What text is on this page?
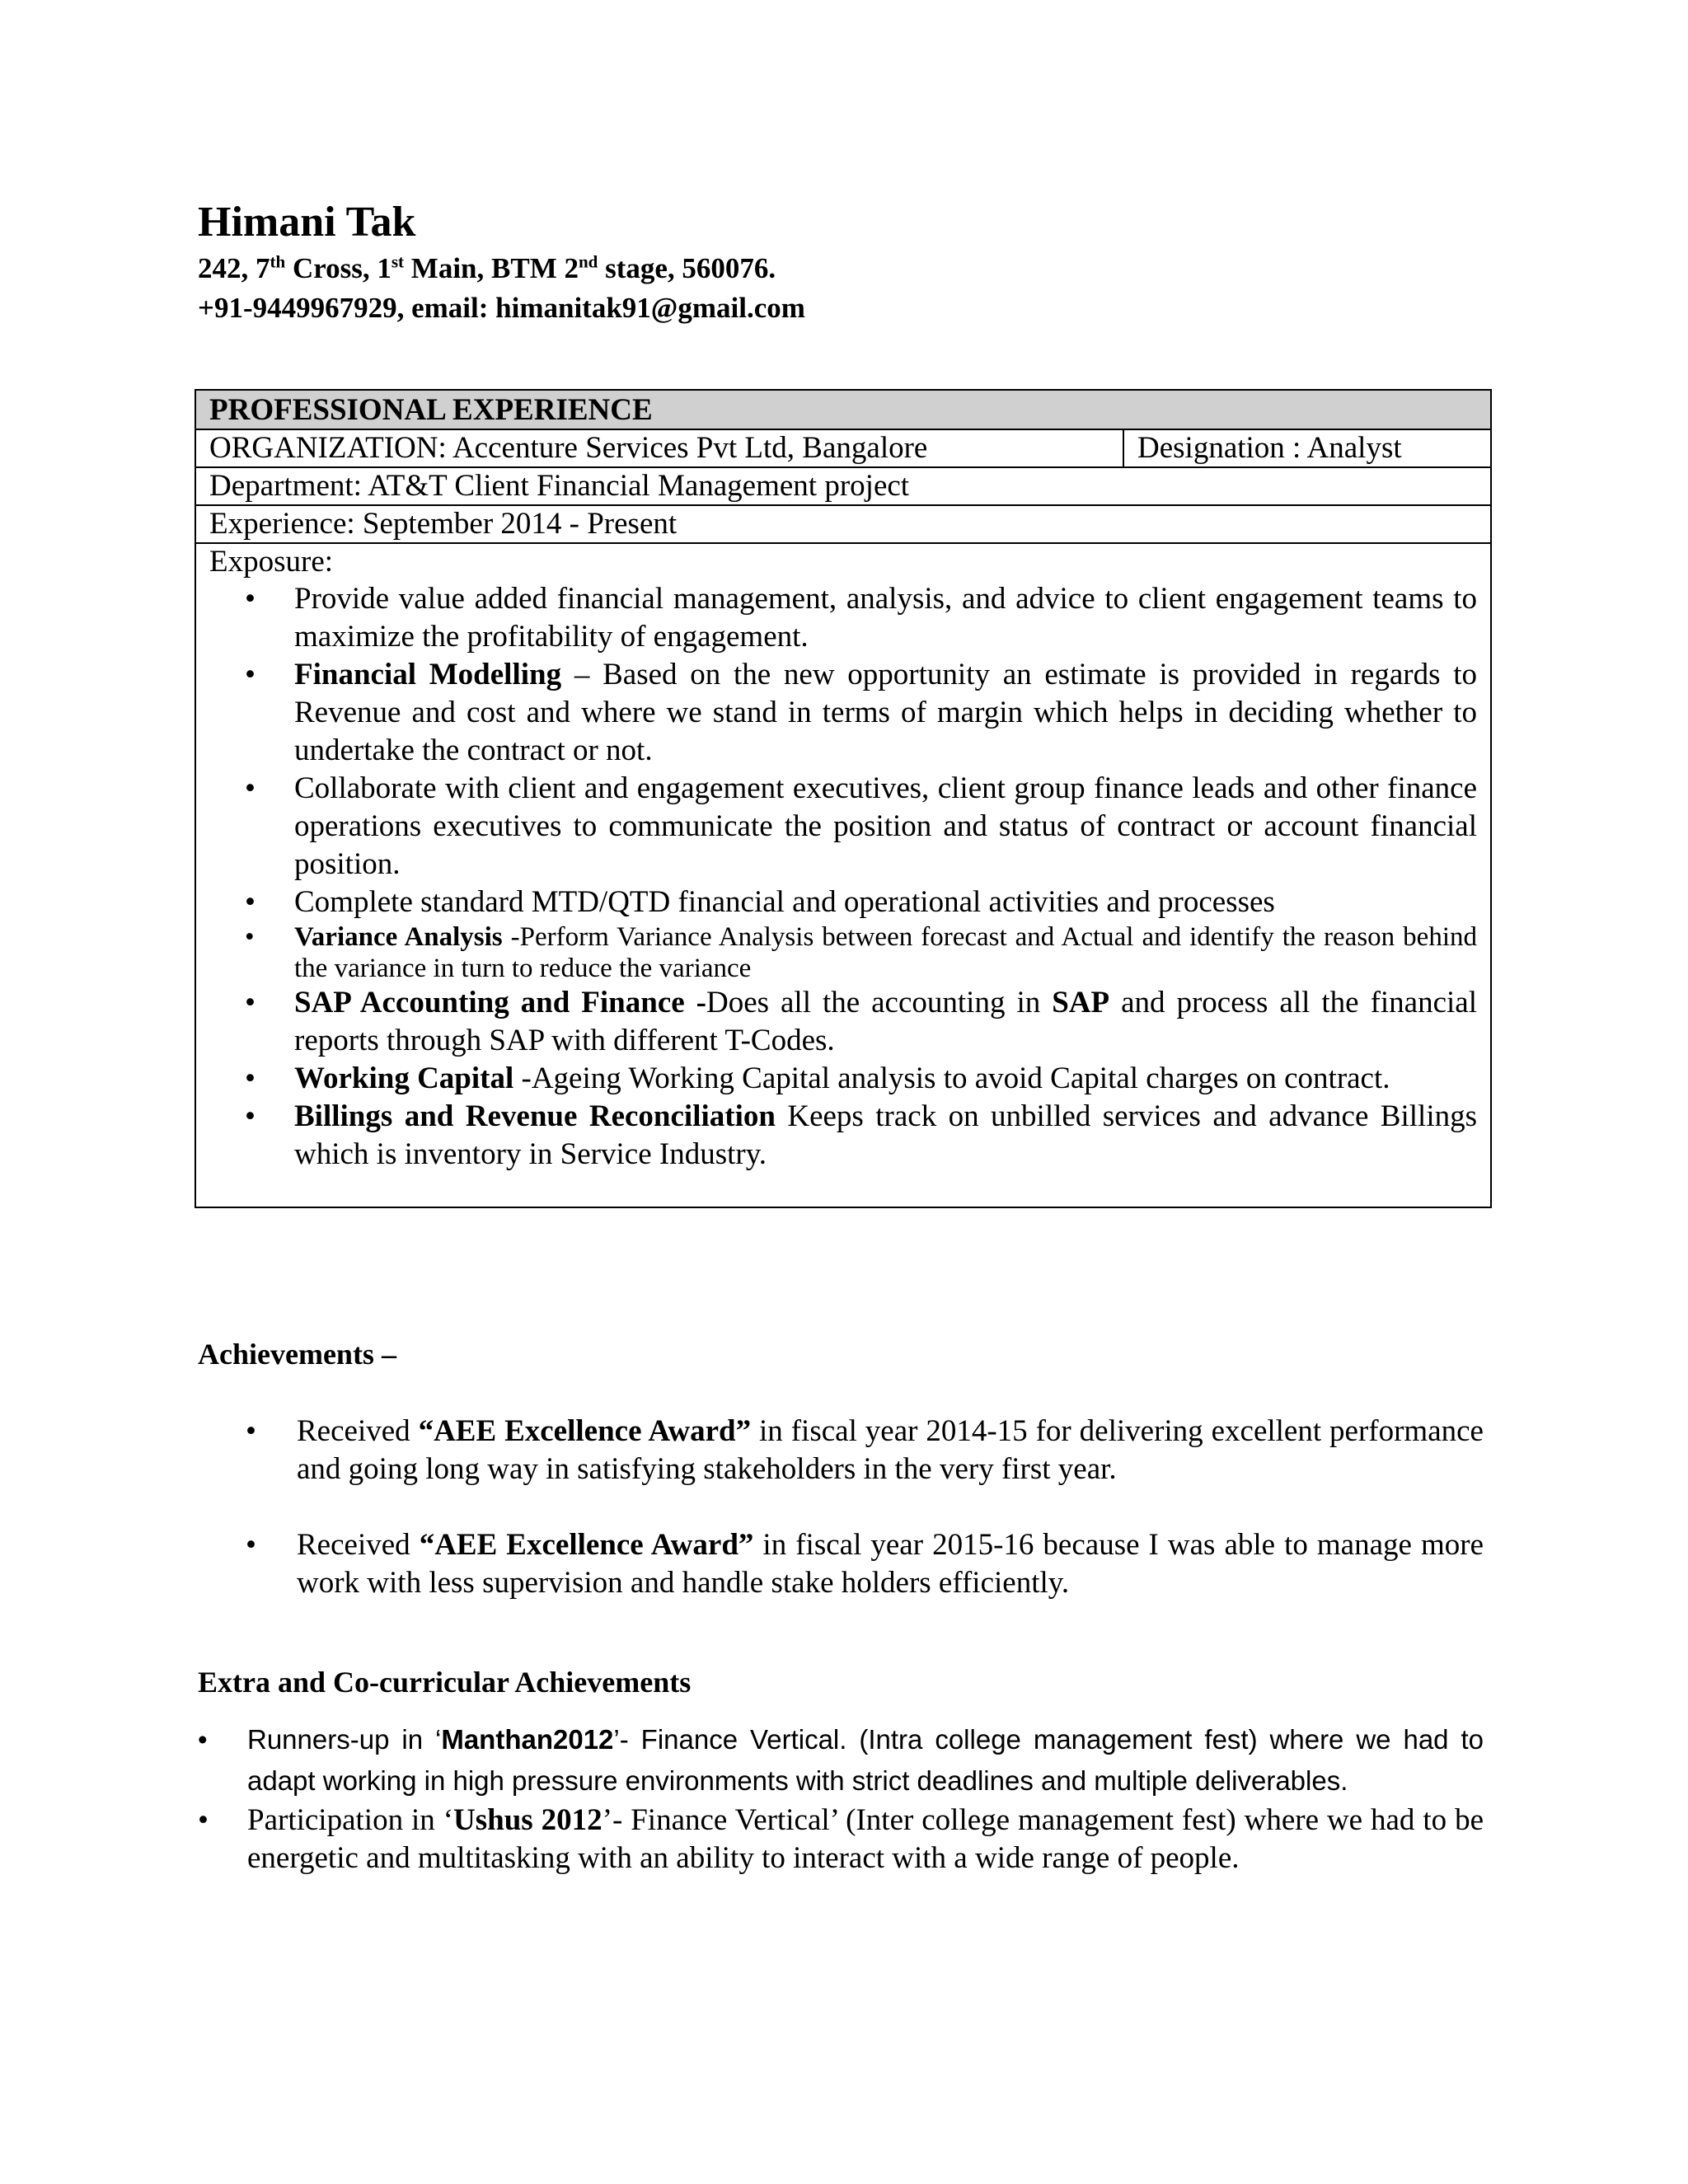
Himani Tak
242, 7th Cross, 1st Main, BTM 2nd stage, 560076.
+91-9449967929, email: himanitak91@gmail.com
PROFESSIONAL EXPERIENCE
ORGANIZATION: Accenture Services Pvt Ltd, Bangalore	Designation : Analyst
Department: AT&T Client Financial Management project
Experience: September 2014 - Present

Exposure:
• Provide value added financial management, analysis, and advice to client engagement teams to maximize the profitability of engagement.
• Financial Modelling – Based on the new opportunity an estimate is provided in regards to Revenue and cost and where we stand in terms of margin which helps in deciding whether to undertake the contract or not.
• Collaborate with client and engagement executives, client group finance leads and other finance operations executives to communicate the position and status of contract or account financial position.
• Complete standard MTD/QTD financial and operational activities and processes
• Variance Analysis -Perform Variance Analysis between forecast and Actual and identify the reason behind the variance in turn to reduce the variance
• SAP Accounting and Finance -Does all the accounting in SAP and process all the financial reports through SAP with different T-Codes.
• Working Capital -Ageing Working Capital analysis to avoid Capital charges on contract.
• Billings and Revenue Reconciliation Keeps track on unbilled services and advance Billings which is inventory in Service Industry.
Achievements –
• Received “AEE Excellence Award” in fiscal year 2014-15 for delivering excellent performance and going long way in satisfying stakeholders in the very first year.
• Received “AEE Excellence Award” in fiscal year 2015-16 because I was able to manage more work with less supervision and handle stake holders efficiently.
Extra and Co-curricular Achievements
• Runners-up in ‘Manthan2012’- Finance Vertical. (Intra college management fest) where we had to adapt working in high pressure environments with strict deadlines and multiple deliverables.
• Participation in ‘Ushus 2012’- Finance Vertical’ (Inter college management fest) where we had to be energetic and multitasking with an ability to interact with a wide range of people.
